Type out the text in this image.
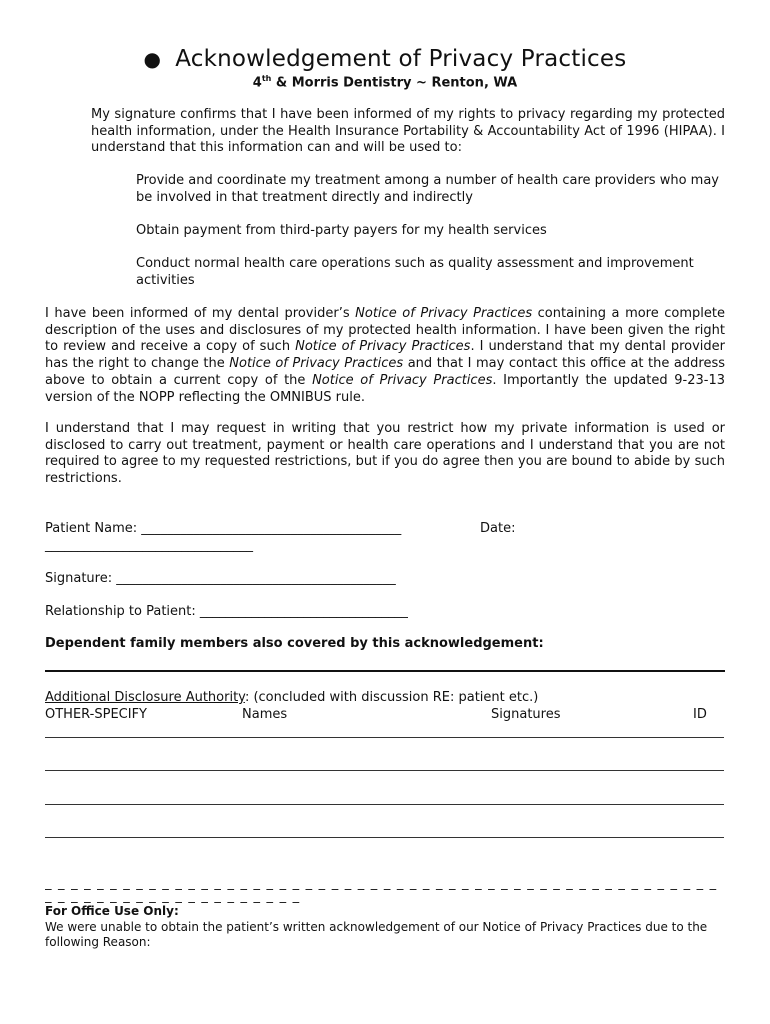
● Acknowledgement of Privacy Practices
4th & Morris Dentistry ~ Renton, WA

My signature confirms that I have been informed of my rights to privacy regarding my protected health information, under the Health Insurance Portability & Accountability Act of 1996 (HIPAA). I understand that this information can and will be used to:

Provide and coordinate my treatment among a number of health care providers who may be involved in that treatment directly and indirectly

Obtain payment from third-party payers for my health services

Conduct normal health care operations such as quality assessment and improvement activities

I have been informed of my dental provider’s Notice of Privacy Practices containing a more complete description of the uses and disclosures of my protected health information. I have been given the right to review and receive a copy of such Notice of Privacy Practices. I understand that my dental provider has the right to change the Notice of Privacy Practices and that I may contact this office at the address above to obtain a current copy of the Notice of Privacy Practices. Importantly the updated 9-23-13 version of the NOPP reflecting the OMNIBUS rule.

I understand that I may request in writing that you restrict how my private information is used or disclosed to carry out treatment, payment or health care operations and I understand that you are not required to agree to my requested restrictions, but if you do agree then you are bound to abide by such restrictions.

Patient Name: ________________________________________	Date:
________________________________
Signature: ___________________________________________
Relationship to Patient: ________________________________
Dependent family members also covered by this acknowledgement:
Additional Disclosure Authority: (concluded with discussion RE: patient etc.)
OTHER-SPECIFY	Names	Signatures	ID
_ _ _ _ _ _ _ _ _ _ _ _ _ _ _ _ _ _ _ _ _ _ _ _ _ _ _ _ _ _ _ _ _ _ _ _ _ _ _ _ _ _ _ _ _ _ _ _ _ _ _ _ _ _ _ _ _ _ _ _ _ _ _ _ _ _ _ _ _ _ _ _
For Office Use Only:
We were unable to obtain the patient’s written acknowledgement of our Notice of Privacy Practices due to the following Reason:
